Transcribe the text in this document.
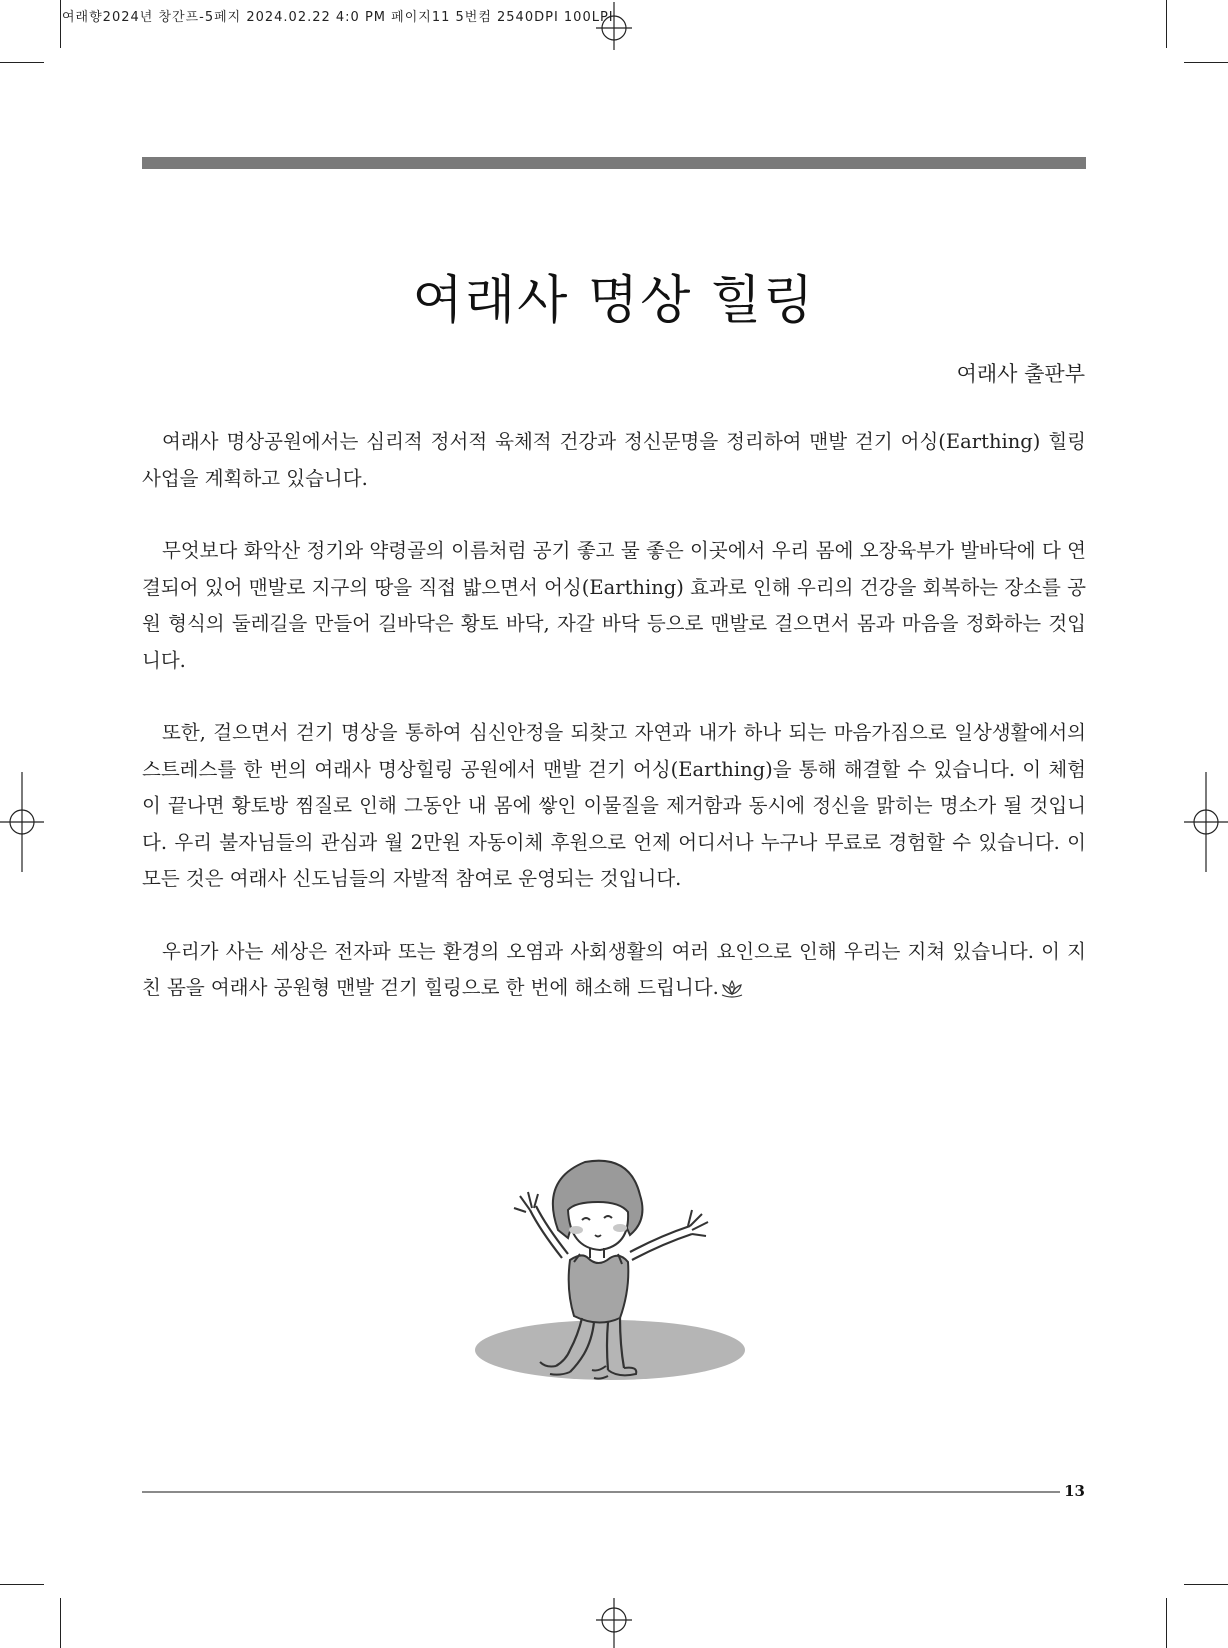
여래향2024년 창간프-5페지 2024.02.22 4:0 PM 페이지11 5번컴 2540DPI 100LPI
여래사 명상 힐링
여래사 출판부

여래사 명상공원에서는 심리적 정서적 육체적 건강과 정신문명을 정리하여 맨발 걷기 어싱(Earthing) 힐링 사업을 계획하고 있습니다.

무엇보다 화악산 정기와 약령골의 이름처럼 공기 좋고 물 좋은 이곳에서 우리 몸에 오장육부가 발바닥에 다 연결되어 있어 맨발로 지구의 땅을 직접 밟으면서 어싱(Earthing) 효과로 인해 우리의 건강을 회복하는 장소를 공원 형식의 둘레길을 만들어 길바닥은 황토 바닥, 자갈 바닥 등으로 맨발로 걸으면서 몸과 마음을 정화하는 것입니다.

또한, 걸으면서 걷기 명상을 통하여 심신안정을 되찾고 자연과 내가 하나 되는 마음가짐으로 일상생활에서의 스트레스를 한 번의 여래사 명상힐링 공원에서 맨발 걷기 어싱(Earthing)을 통해 해결할 수 있습니다. 이 체험이 끝나면 황토방 찜질로 인해 그동안 내 몸에 쌓인 이물질을 제거함과 동시에 정신을 맑히는 명소가 될 것입니다. 우리 불자님들의 관심과 월 2만원 자동이체 후원으로 언제 어디서나 누구나 무료로 경험할 수 있습니다. 이 모든 것은 여래사 신도님들의 자발적 참여로 운영되는 것입니다.

우리가 사는 세상은 전자파 또는 환경의 오염과 사회생활의 여러 요인으로 인해 우리는 지쳐 있습니다. 이 지친 몸을 여래사 공원형 맨발 걷기 힐링으로 한 번에 해소해 드립니다.

13
